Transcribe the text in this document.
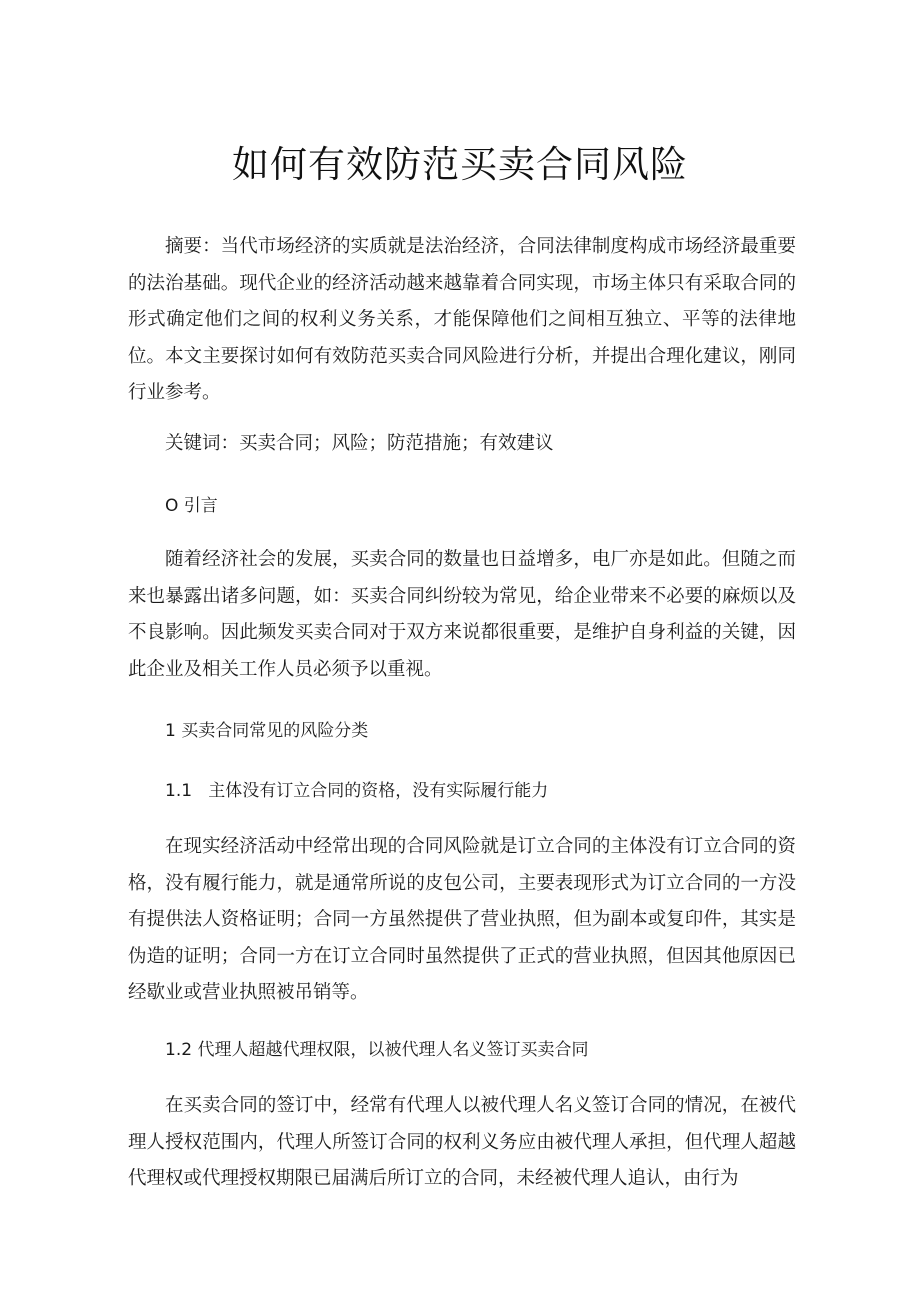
如何有效防范买卖合同风险

摘要：当代市场经济的实质就是法治经济，合同法律制度构成市场经济最重要的法治基础。现代企业的经济活动越来越靠着合同实现，市场主体只有采取合同的形式确定他们之间的权利义务关系，才能保障他们之间相互独立、平等的法律地位。本文主要探讨如何有效防范买卖合同风险进行分析，并提出合理化建议，刚同行业参考。

关键词：买卖合同；风险；防范措施；有效建议

O 引言

随着经济社会的发展，买卖合同的数量也日益增多，电厂亦是如此。但随之而来也暴露出诸多问题，如：买卖合同纠纷较为常见，给企业带来不必要的麻烦以及不良影响。因此频发买卖合同对于双方来说都很重要，是维护自身利益的关键，因此企业及相关工作人员必须予以重视。

1 买卖合同常见的风险分类

1.1   主体没有订立合同的资格，没有实际履行能力

在现实经济活动中经常出现的合同风险就是订立合同的主体没有订立合同的资格，没有履行能力，就是通常所说的皮包公司，主要表现形式为订立合同的一方没有提供法人资格证明；合同一方虽然提供了营业执照，但为副本或复印件，其实是伪造的证明；合同一方在订立合同时虽然提供了正式的营业执照，但因其他原因已经歇业或营业执照被吊销等。

1.2 代理人超越代理权限，以被代理人名义签订买卖合同

在买卖合同的签订中，经常有代理人以被代理人名义签订合同的情况，在被代理人授权范围内，代理人所签订合同的权利义务应由被代理人承担，但代理人超越代理权或代理授权期限已届满后所订立的合同，未经被代理人追认，由行为
